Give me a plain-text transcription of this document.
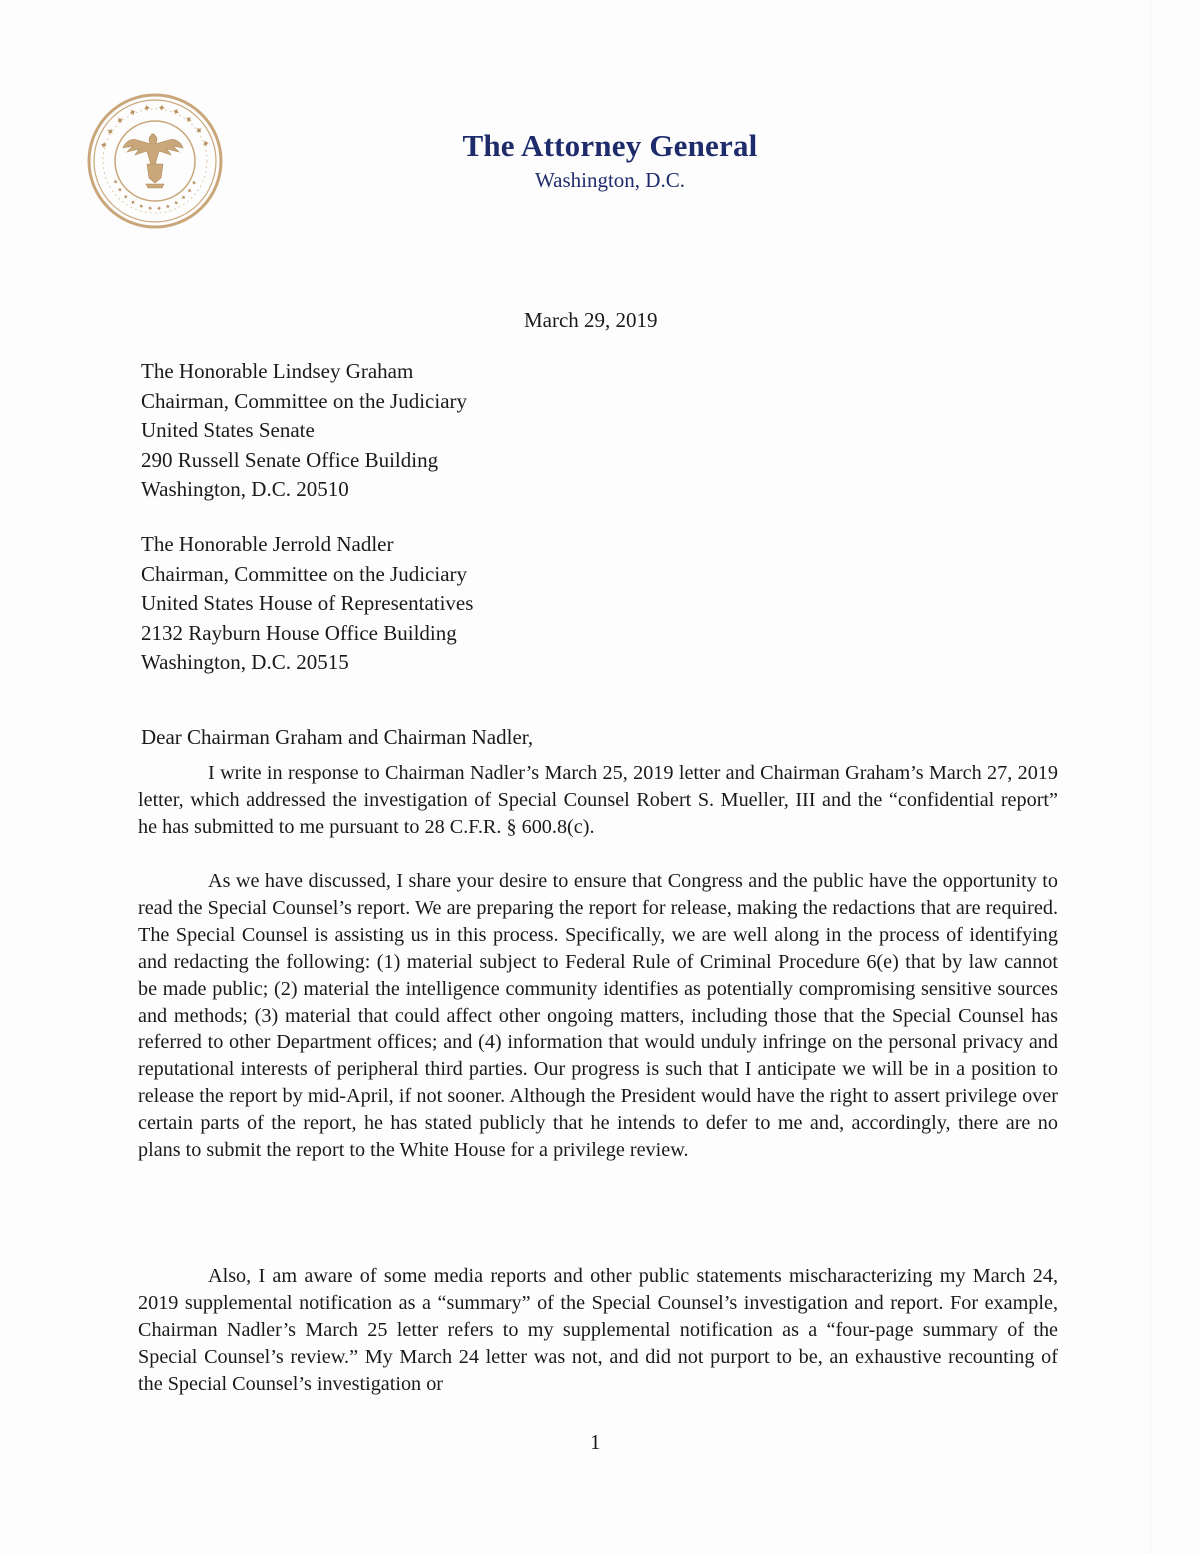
✦ ✦ ✦ ✦ ✦ ✦ ✦ ✦ ✦ ✦
✦ ✦ ✦ ✦ ✦ ✦ ✦ ✦ ✦ ✦ ✦ ✦
The Attorney General
Washington, D.C.
March 29, 2019
The Honorable Lindsey Graham
Chairman, Committee on the Judiciary
United States Senate
290 Russell Senate Office Building
Washington, D.C. 20510
The Honorable Jerrold Nadler
Chairman, Committee on the Judiciary
United States House of Representatives
2132 Rayburn House Office Building
Washington, D.C. 20515
Dear Chairman Graham and Chairman Nadler,
I write in response to Chairman Nadler’s March 25, 2019 letter and Chairman Graham’s March 27, 2019 letter, which addressed the investigation of Special Counsel Robert S. Mueller, III and the “confidential report” he has submitted to me pursuant to 28 C.F.R. § 600.8(c).
As we have discussed, I share your desire to ensure that Congress and the public have the opportunity to read the Special Counsel’s report. We are preparing the report for release, making the redactions that are required. The Special Counsel is assisting us in this process. Specifically, we are well along in the process of identifying and redacting the following: (1) material subject to Federal Rule of Criminal Procedure 6(e) that by law cannot be made public; (2) material the intelligence community identifies as potentially compromising sensitive sources and methods; (3) material that could affect other ongoing matters, including those that the Special Counsel has referred to other Department offices; and (4) information that would unduly infringe on the personal privacy and reputational interests of peripheral third parties. Our progress is such that I anticipate we will be in a position to release the report by mid-April, if not sooner. Although the President would have the right to assert privilege over certain parts of the report, he has stated publicly that he intends to defer to me and, accordingly, there are no plans to submit the report to the White House for a privilege review.
Also, I am aware of some media reports and other public statements mischaracterizing my March 24, 2019 supplemental notification as a “summary” of the Special Counsel’s investigation and report. For example, Chairman Nadler’s March 25 letter refers to my supplemental notification as a “four-page summary of the Special Counsel’s review.” My March 24 letter was not, and did not purport to be, an exhaustive recounting of the Special Counsel’s investigation or
1
